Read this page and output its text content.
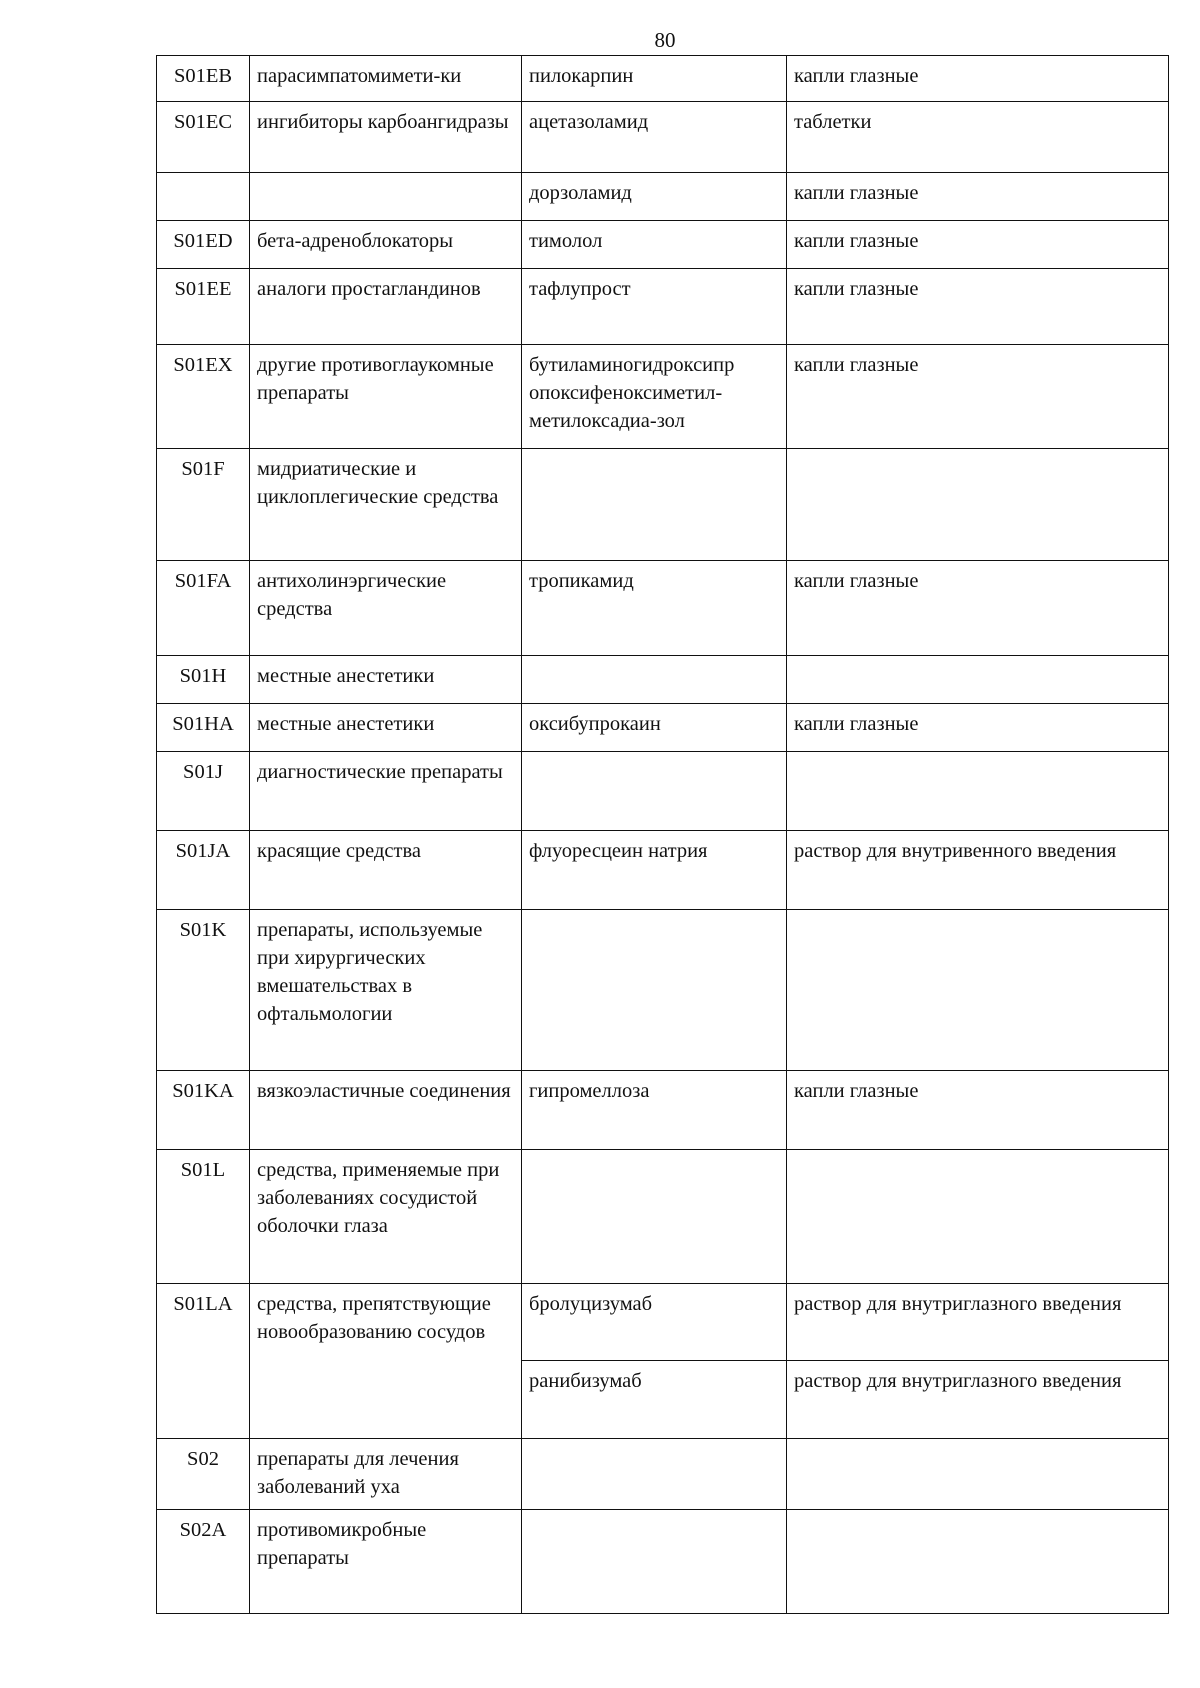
80
S01EB	парасимпатомимети-ки	пилокарпин	капли глазные
S01EC	ингибиторы карбоангидразы	ацетазоламид	таблетки
		дорзоламид	капли глазные
S01ED	бета-адреноблокаторы	тимолол	капли глазные
S01EE	аналоги простагландинов	тафлупрост	капли глазные
S01EX	другие противоглаукомные препараты	бутиламиногидроксипр опоксифеноксиметил-метилоксадиа-зол	капли глазные
S01F	мидриатические и циклоплегические средства		
S01FA	антихолинэргические средства	тропикамид	капли глазные
S01H	местные анестетики		
S01HA	местные анестетики	оксибупрокаин	капли глазные
S01J	диагностические препараты		
S01JA	красящие средства	флуоресцеин натрия	раствор для внутривенного введения
S01K	препараты, используемые при хирургических вмешательствах в офтальмологии		
S01KA	вязкоэластичные соединения	гипромеллоза	капли глазные
S01L	средства, применяемые при заболеваниях сосудистой оболочки глаза		
S01LA	средства, препятствующие новообразованию сосудов	бролуцизумаб	раствор для внутриглазного введения
		ранибизумаб	раствор для внутриглазного введения
S02	препараты для лечения заболеваний уха		
S02A	противомикробные препараты		
